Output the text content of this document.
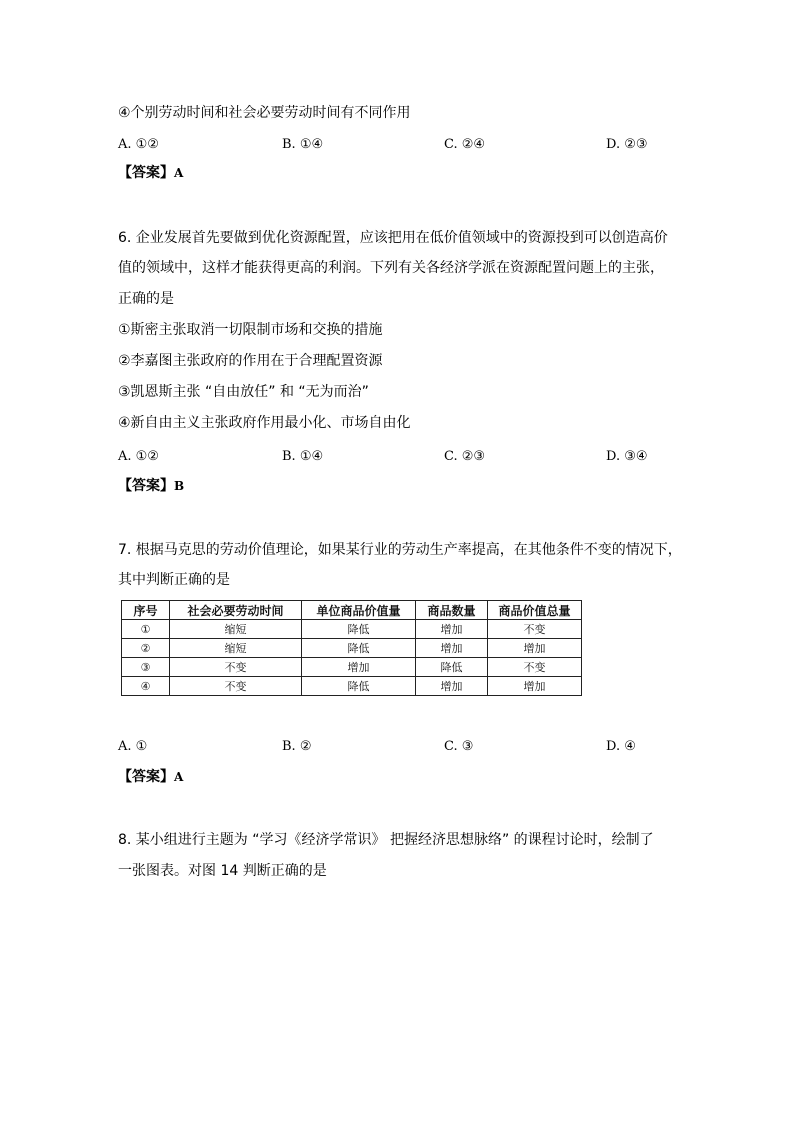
④个别劳动时间和社会必要劳动时间有不同作用
A. ①②	B. ①④	C. ②④	D. ②③
【答案】A
6. 企业发展首先要做到优化资源配置，应该把用在低价值领域中的资源投到可以创造高价
值的领域中，这样才能获得更高的利润。下列有关各经济学派在资源配置问题上的主张，
正确的是
①斯密主张取消一切限制市场和交换的措施
②李嘉图主张政府的作用在于合理配置资源
③凯恩斯主张 “自由放任” 和 “无为而治”
④新自由主义主张政府作用最小化、市场自由化
A. ①②	B. ①④	C. ②③	D. ③④
【答案】B
7. 根据马克思的劳动价值理论，如果某行业的劳动生产率提高，在其他条件不变的情况下，
其中判断正确的是
序号	社会必要劳动时间	单位商品价值量	商品数量	商品价值总量
①	缩短	降低	增加	不变
②	缩短	降低	增加	增加
③	不变	增加	降低	不变
④	不变	降低	增加	增加
A. ①	B. ②	C. ③	D. ④
【答案】A
8. 某小组进行主题为 “学习《经济学常识》 把握经济思想脉络” 的课程讨论时，绘制了
一张图表。对图 14 判断正确的是
